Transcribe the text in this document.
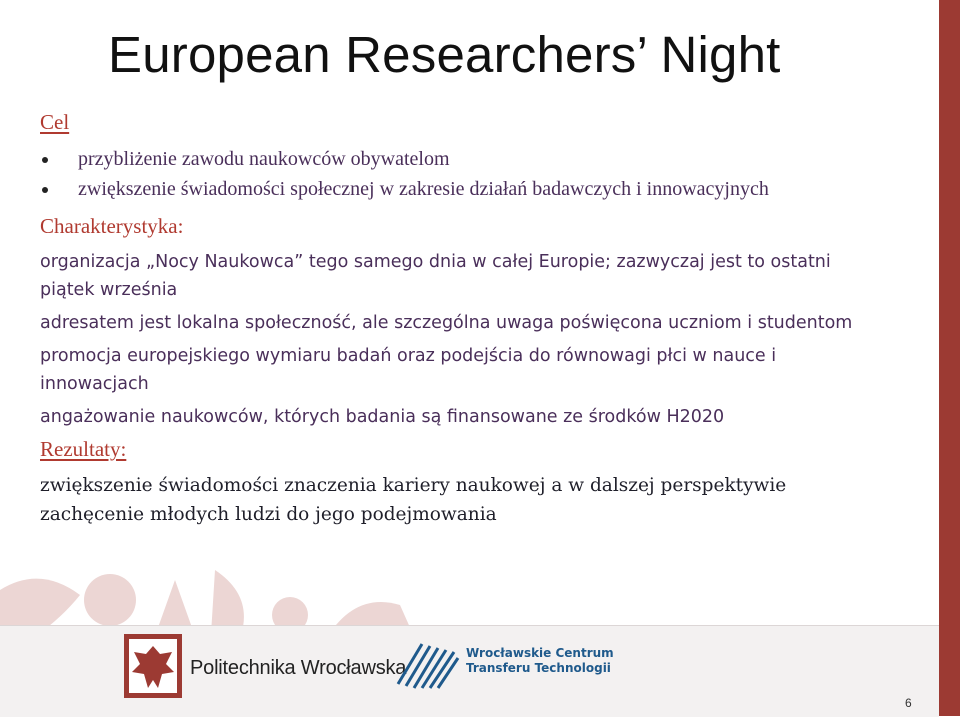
European Researchers’ Night
Cel
przybliżenie zawodu naukowców obywatelom
zwiększenie świadomości społecznej w zakresie działań badawczych i innowacyjnych
Charakterystyka:
organizacja „Nocy Naukowca” tego samego dnia w całej Europie; zazwyczaj jest to ostatni piątek września
adresatem jest lokalna społeczność, ale szczególna uwaga poświęcona uczniom i studentom
promocja europejskiego wymiaru badań oraz podejścia do równowagi płci w nauce i innowacjach
angażowanie naukowców, których badania są finansowane ze środków H2020
Rezultaty:
zwiększenie świadomości znaczenia kariery naukowej a w dalszej perspektywie
zachęcenie młodych ludzi do jego podejmowania
Politechnika Wrocławska
Wrocławskie Centrum
Transferu Technologii
6
